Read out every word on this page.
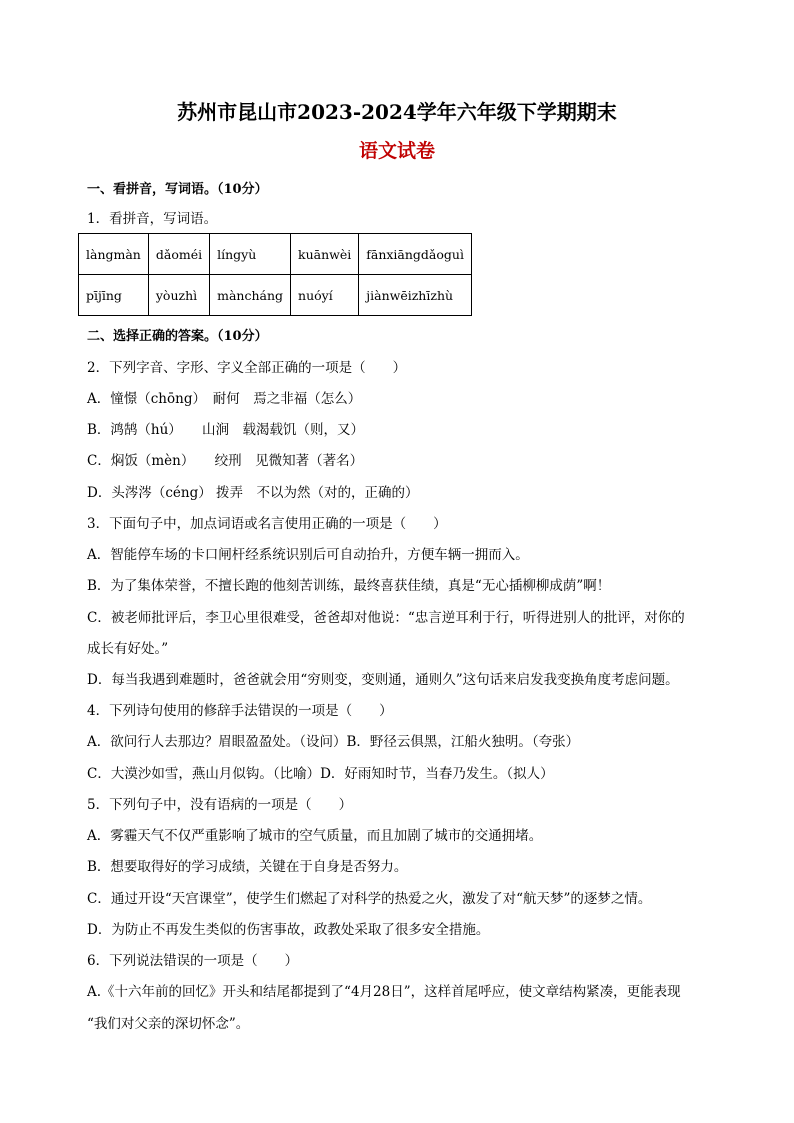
苏州市昆山市2023-2024学年六年级下学期期末
语文试卷
一、看拼音，写词语。（10分）
1．看拼音，写词语。
làngmàn	dǎoméi	língyù	kuānwèi	fānxiāngdǎoguì
pījīng	yòuzhì	màncháng	nuóyí	jiànwēizhīzhù
二、选择正确的答案。（10分）
2．下列字音、字形、字义全部正确的一项是（　　）
A．憧憬（chōng）　耐何　焉之非福（怎么）
B．鸿鹄（hú）　　山涧　载渴载饥（则，又）
C．焖饭（mèn）　　绞刑　见微知著（著名）
D．头涔涔（céng） 拨弄　不以为然（对的，正确的）
3．下面句子中，加点词语或名言使用正确的一项是（　　）
A．智能停车场的卡口闸杆经系统识别后可自动抬升，方便车辆一拥而入。
B．为了集体荣誉，不擅长跑的他刻苦训练，最终喜获佳绩，真是“无心插柳柳成荫”啊！
C．被老师批评后，李卫心里很难受，爸爸却对他说：“忠言逆耳利于行，听得进别人的批评，对你的
成长有好处。”
D．每当我遇到难题时，爸爸就会用“穷则变，变则通，通则久”这句话来启发我变换角度考虑问题。
4．下列诗句使用的修辞手法错误的一项是（　　）
A．欲问行人去那边？眉眼盈盈处。（设问）B．野径云俱黑，江船火独明。（夸张）
C．大漠沙如雪，燕山月似钩。（比喻）D．好雨知时节，当春乃发生。（拟人）
5．下列句子中，没有语病的一项是（　　）
A．雾霾天气不仅严重影响了城市的空气质量，而且加剧了城市的交通拥堵。
B．想要取得好的学习成绩，关键在于自身是否努力。
C．通过开设“天宫课堂”，使学生们燃起了对科学的热爱之火，激发了对“航天梦”的逐梦之情。
D．为防止不再发生类似的伤害事故，政教处采取了很多安全措施。
6．下列说法错误的一项是（　　）
A.《十六年前的回忆》开头和结尾都提到了“4月28日”，这样首尾呼应，使文章结构紧凑，更能表现
“我们对父亲的深切怀念”。
